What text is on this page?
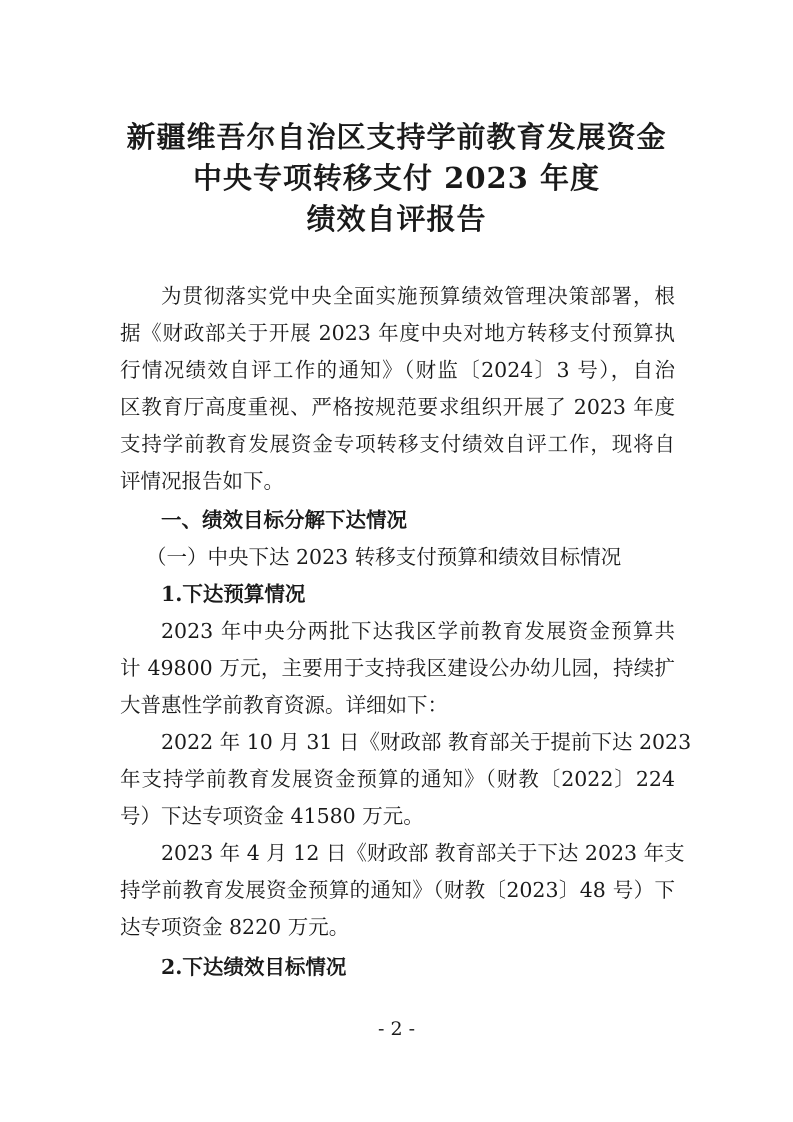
新疆维吾尔自治区支持学前教育发展资金
中央专项转移支付 2023 年度
绩效自评报告
为贯彻落实党中央全面实施预算绩效管理决策部署，根
据《财政部关于开展 2023 年度中央对地方转移支付预算执
行情况绩效自评工作的通知》（财监〔2024〕3 号），自治
区教育厅高度重视、严格按规范要求组织开展了 2023 年度
支持学前教育发展资金专项转移支付绩效自评工作，现将自
评情况报告如下。
一、绩效目标分解下达情况
（一）中央下达 2023 转移支付预算和绩效目标情况
1.下达预算情况
2023 年中央分两批下达我区学前教育发展资金预算共
计 49800 万元，主要用于支持我区建设公办幼儿园，持续扩
大普惠性学前教育资源。详细如下：
2022 年 10 月 31 日《财政部 教育部关于提前下达 2023
年支持学前教育发展资金预算的通知》（财教〔2022〕224
号）下达专项资金 41580 万元。
2023 年 4 月 12 日《财政部 教育部关于下达 2023 年支
持学前教育发展资金预算的通知》（财教〔2023〕48 号）下
达专项资金 8220 万元。
2.下达绩效目标情况
- 2 -
